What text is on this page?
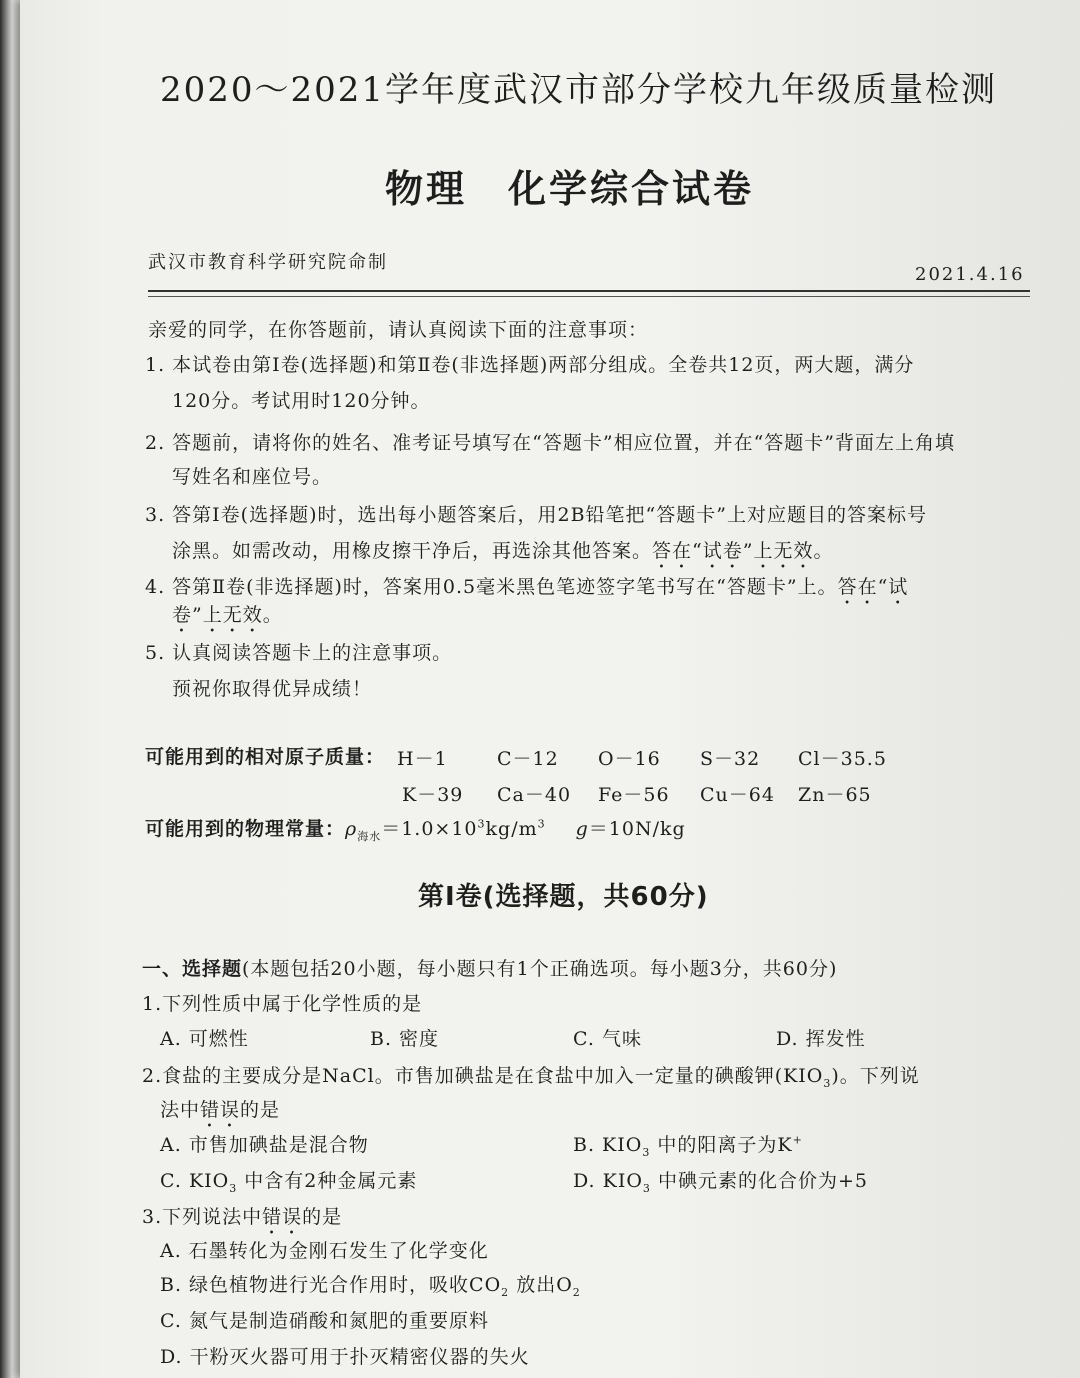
2020～2021学年度武汉市部分学校九年级质量检测
物理　化学综合试卷
武汉市教育科学研究院命制
2021.4.16
亲爱的同学，在你答题前，请认真阅读下面的注意事项：
1. 本试卷由第Ⅰ卷(选择题)和第Ⅱ卷(非选择题)两部分组成。全卷共12页，两大题，满分
120分。考试用时120分钟。
2. 答题前，请将你的姓名、准考证号填写在“答题卡”相应位置，并在“答题卡”背面左上角填
写姓名和座位号。
3. 答第Ⅰ卷(选择题)时，选出每小题答案后，用2B铅笔把“答题卡”上对应题目的答案标号
涂黑。如需改动，用橡皮擦干净后，再选涂其他答案。答在“试卷”上无效。
4. 答第Ⅱ卷(非选择题)时，答案用0.5毫米黑色笔迹签字笔书写在“答题卡”上。答在“试
卷”上无效。
5. 认真阅读答题卡上的注意事项。
预祝你取得优异成绩！
可能用到的相对原子质量： H－1	C－12 O－16 S－32 Cl－35.5
K－39 Ca－40 Fe－56 Cu－64 Zn－65
可能用到的物理常量：$\rho_{海水}=1.0\times 10^3kg/m^3$ g＝10N/kg
第Ⅰ卷(选择题，共60分)
一、选择题(本题包括20小题，每小题只有1个正确选项。每小题3分，共60分)
1.下列性质中属于化学性质的是
A. 可燃性	B. 密度	C. 气味	D. 挥发性
2.食盐的主要成分是NaCl。市售加碘盐是在食盐中加入一定量的碘酸钾$(KIO_3)$。下列说
法中错误的是
A. 市售加碘盐是混合物	B. $KIO_3$ 中的阳离子为K+
C. $KIO_3$ 中含有2种金属元素	D. $KIO_3$ 中碘元素的化合价为+5
3.下列说法中错误的是
A. 石墨转化为金刚石发生了化学变化
B. 绿色植物进行光合作用时，吸收$CO_2$ 放出$O_2$
C. 氮气是制造硝酸和氮肥的重要原料
D. 干粉灭火器可用于扑灭精密仪器的失火
